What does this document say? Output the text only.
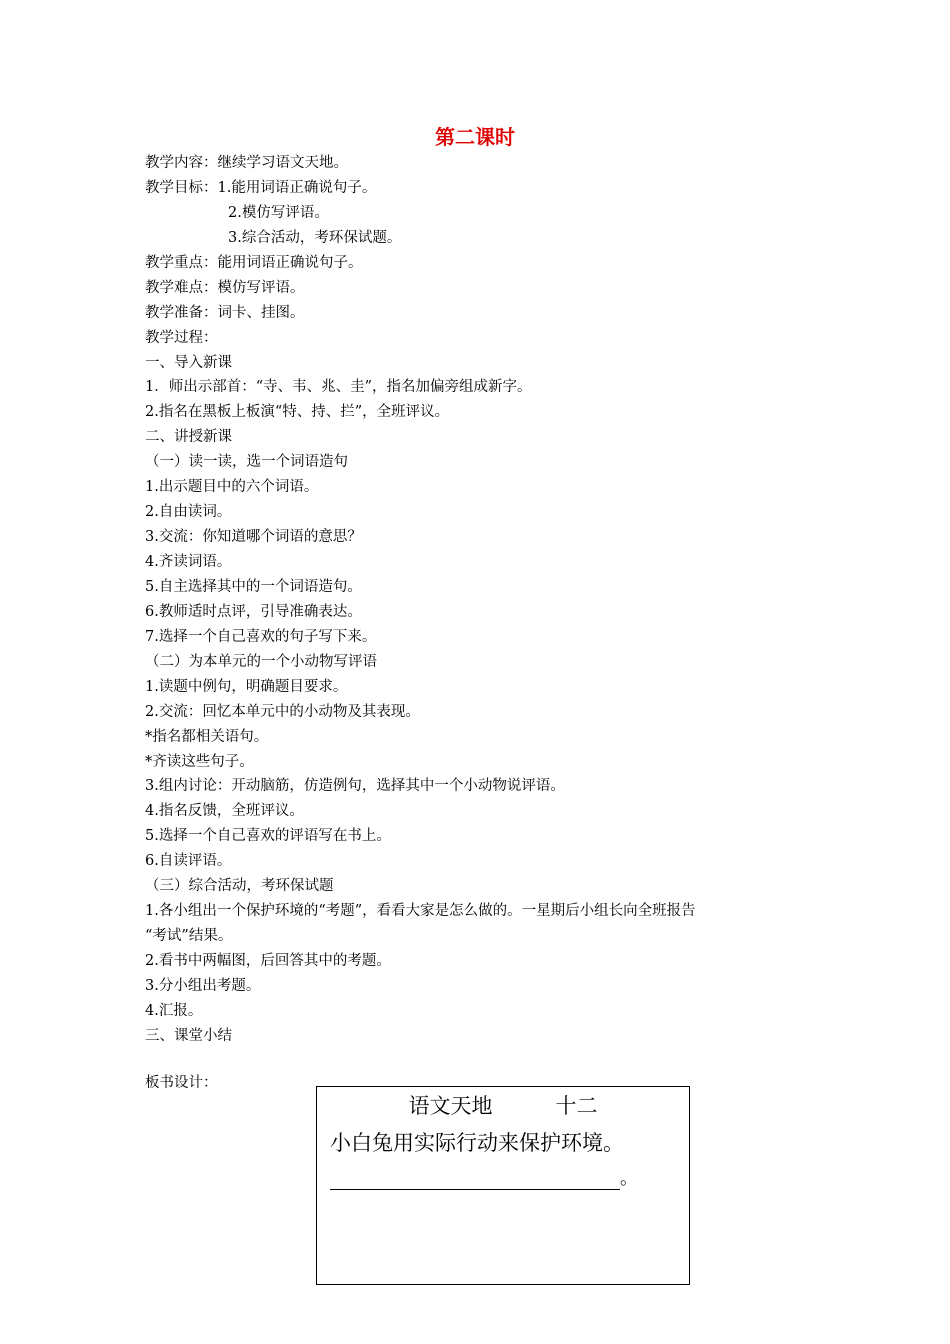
第二课时
教学内容：继续学习语文天地。
教学目标：1.能用词语正确说句子。
2.模仿写评语。
3.综合活动，考环保试题。
教学重点：能用词语正确说句子。
教学难点：模仿写评语。
教学准备：词卡、挂图。
教学过程：
一、导入新课
1．师出示部首：“寺、韦、兆、圭”，指名加偏旁组成新字。
2.指名在黑板上板演“特、持、拦”，全班评议。
二、讲授新课
（一）读一读，选一个词语造句
1.出示题目中的六个词语。
2.自由读词。
3.交流：你知道哪个词语的意思？
4.齐读词语。
5.自主选择其中的一个词语造句。
6.教师适时点评，引导准确表达。
7.选择一个自己喜欢的句子写下来。
（二）为本单元的一个小动物写评语
1.读题中例句，明确题目要求。
2.交流：回忆本单元中的小动物及其表现。
*指名都相关语句。
*齐读这些句子。
3.组内讨论：开动脑筋，仿造例句，选择其中一个小动物说评语。
4.指名反馈，全班评议。
5.选择一个自己喜欢的评语写在书上。
6.自读评语。
（三）综合活动，考环保试题
1.各小组出一个保护环境的“考题”，看看大家是怎么做的。一星期后小组长向全班报告
“考试”结果。
2.看书中两幅图，后回答其中的考题。
3.分小组出考题。
4.汇报。
三、课堂小结
板书设计：
语文天地　　　十二
小白兔用实际行动来保护环境。
。
